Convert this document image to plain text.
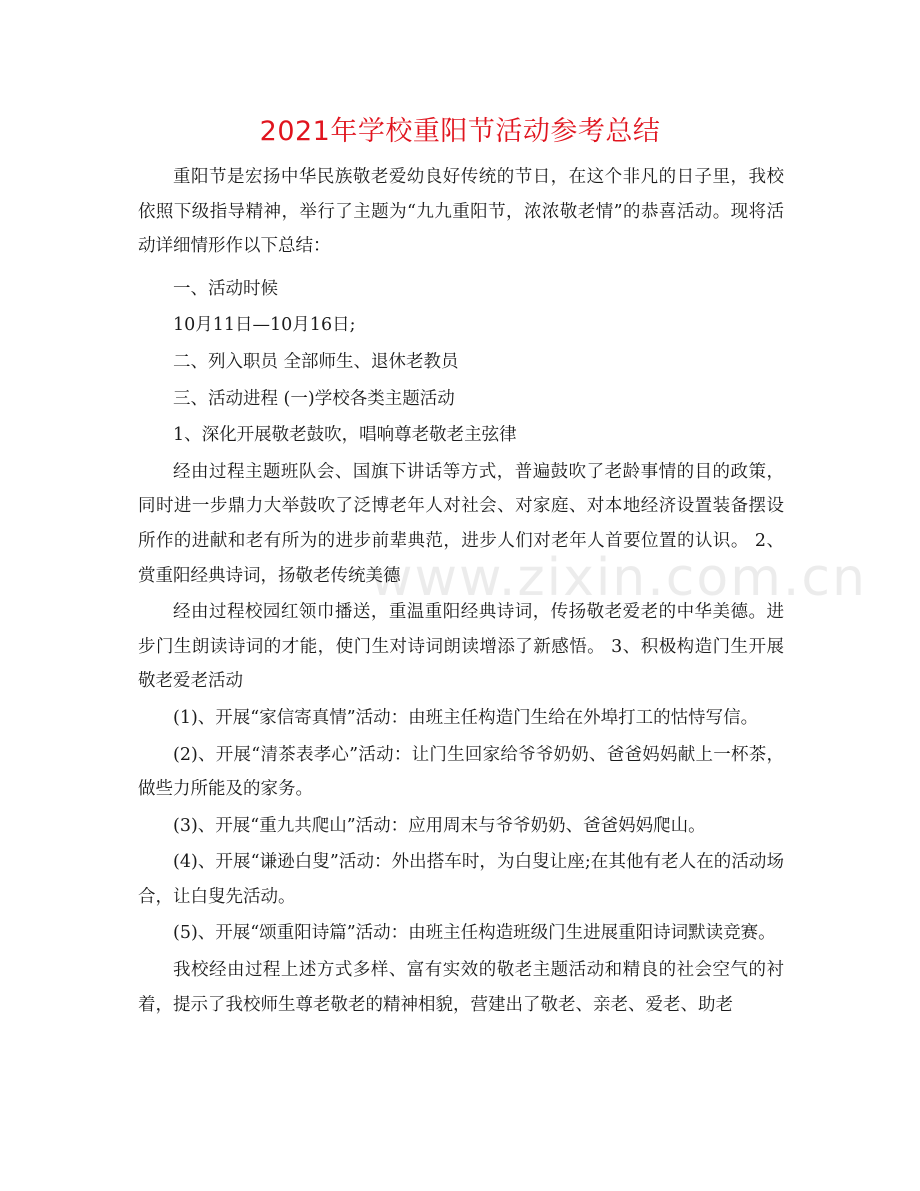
www.zixin.com.cn
2021年学校重阳节活动参考总结

重阳节是宏扬中华民族敬老爱幼良好传统的节日，在这个非凡的日子里，我校依照下级指导精神，举行了主题为“九九重阳节，浓浓敬老情”的恭喜活动。现将活动详细情形作以下总结：

一、活动时候

10月11日—10月16日;

二、列入职员 全部师生、退休老教员

三、活动进程 (一)学校各类主题活动

1、深化开展敬老鼓吹，唱响尊老敬老主弦律

经由过程主题班队会、国旗下讲话等方式，普遍鼓吹了老龄事情的目的政策，同时进一步鼎力大举鼓吹了泛博老年人对社会、对家庭、对本地经济设置装备摆设所作的进献和老有所为的进步前辈典范，进步人们对老年人首要位置的认识。 2、赏重阳经典诗词，扬敬老传统美德

经由过程校园红领巾播送，重温重阳经典诗词，传扬敬老爱老的中华美德。进步门生朗读诗词的才能，使门生对诗词朗读增添了新感悟。 3、积极构造门生开展敬老爱老活动

(1)、开展“家信寄真情”活动：由班主任构造门生给在外埠打工的怙恃写信。

(2)、开展“清茶表孝心”活动：让门生回家给爷爷奶奶、爸爸妈妈献上一杯茶，做些力所能及的家务。

(3)、开展“重九共爬山”活动：应用周末与爷爷奶奶、爸爸妈妈爬山。

(4)、开展“谦逊白叟”活动：外出搭车时，为白叟让座;在其他有老人在的活动场合，让白叟先活动。

(5)、开展“颂重阳诗篇”活动：由班主任构造班级门生进展重阳诗词默读竞赛。

我校经由过程上述方式多样、富有实效的敬老主题活动和精良的社会空气的衬着，提示了我校师生尊老敬老的精神相貌，营建出了敬老、亲老、爱老、助老
